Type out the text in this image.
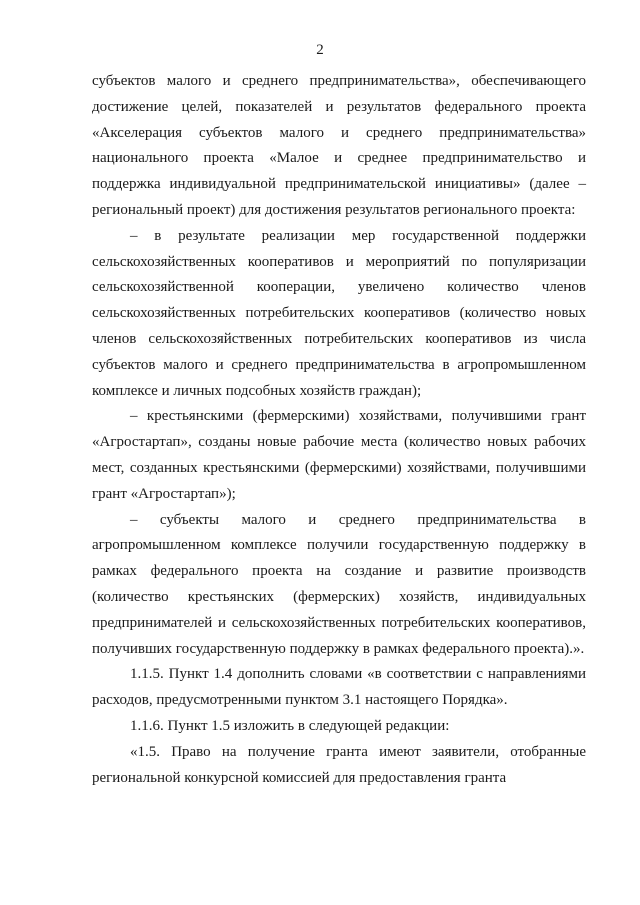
2

субъектов малого и среднего предпринимательства», обеспечивающего достижение целей, показателей и результатов федерального проекта «Акселерация субъектов малого и среднего предпринимательства» национального проекта «Малое и среднее предпринимательство и поддержка индивидуальной предпринимательской инициативы» (далее – региональный проект) для достижения результатов регионального проекта:

– в результате реализации мер государственной поддержки сельскохозяйственных кооперативов и мероприятий по популяризации сельскохозяйственной кооперации, увеличено количество членов сельскохозяйственных потребительских кооперативов (количество новых членов сельскохозяйственных потребительских кооперативов из числа субъектов малого и среднего предпринимательства в агропромышленном комплексе и личных подсобных хозяйств граждан);

– крестьянскими (фермерскими) хозяйствами, получившими грант «Агростартап», созданы новые рабочие места (количество новых рабочих мест, созданных крестьянскими (фермерскими) хозяйствами, получившими грант «Агростартап»);

– субъекты малого и среднего предпринимательства в агропромышленном комплексе получили государственную поддержку в рамках федерального проекта на создание и развитие производств (количество крестьянских (фермерских) хозяйств, индивидуальных предпринимателей и сельскохозяйственных потребительских кооперативов, получивших государственную поддержку в рамках федерального проекта).».

1.1.5. Пункт 1.4 дополнить словами «в соответствии с направлениями расходов, предусмотренными пунктом 3.1 настоящего Порядка».

1.1.6. Пункт 1.5 изложить в следующей редакции:

«1.5. Право на получение гранта имеют заявители, отобранные региональной конкурсной комиссией для предоставления гранта
